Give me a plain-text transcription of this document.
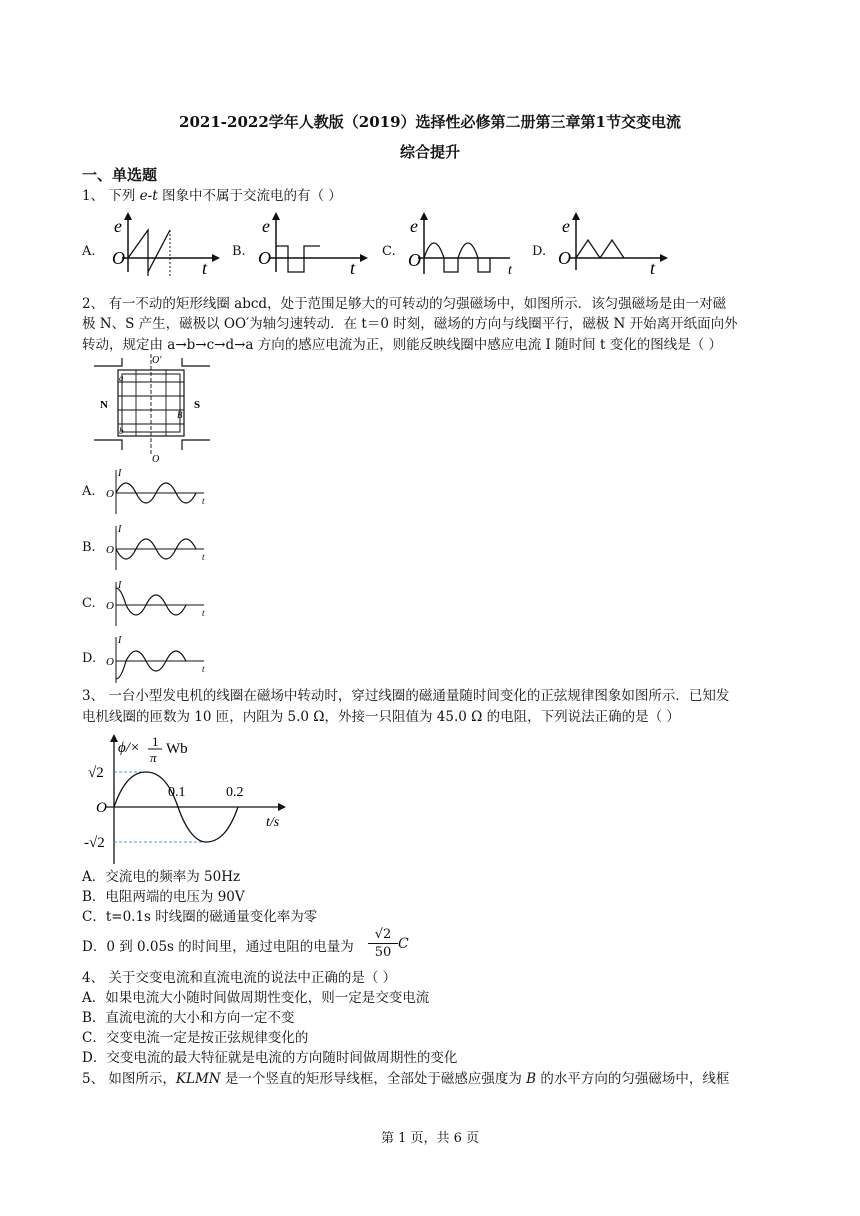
2021-2022学年人教版（2019）选择性必修第二册第三章第1节交变电流
综合提升
一、单选题
1、 下列 e-t 图象中不属于交流电的有（ ）
A.	B.	C.	D.
e
O	t
e
O	t
e
O
t
e
O	t
2、 有一不动的矩形线圈 abcd，处于范围足够大的可转动的匀强磁场中，如图所示．该匀强磁场是由一对磁
极 N、S 产生，磁极以 OO′为轴匀速转动．在 t＝0 时刻，磁场的方向与线圈平行，磁极 N 开始离开纸面向外
转动，规定由 a→b→c→d→a 方向的感应电流为正，则能反映线圈中感应电流 I 随时间 t 变化的图线是（ ）
O′
O
N	S
a
b
B
A.
B.
C.
D.
I
O
t
I
O
t
I
O
t
I
O
t
3、 一台小型发电机的线圈在磁场中转动时，穿过线圈的磁通量随时间变化的正弦规律图象如图所示．已知发
电机线圈的匝数为 10 匝，内阻为 5.0 Ω，外接一只阻值为 45.0 Ω 的电阻，下列说法正确的是（ ）
ϕ/× 1
π
Wb
√2
-√2
O
0.1	0.2
t/s
A．交流电的频率为 50Hz
B．电阻两端的电压为 90V
C．t=0.1s 时线圈的磁通量变化率为零
D．0 到 0.05s 的时间里，通过电阻的电量为 $\frac{√2}{50}$ C
4、 关于交变电流和直流电流的说法中正确的是（ ）
A．如果电流大小随时间做周期性变化，则一定是交变电流
B．直流电流的大小和方向一定不变
C．交变电流一定是按正弦规律变化的
D．交变电流的最大特征就是电流的方向随时间做周期性的变化
5、 如图所示，KLMN 是一个竖直的矩形导线框，全部处于磁感应强度为 B 的水平方向的匀强磁场中，线框
第 1 页，共 6 页
